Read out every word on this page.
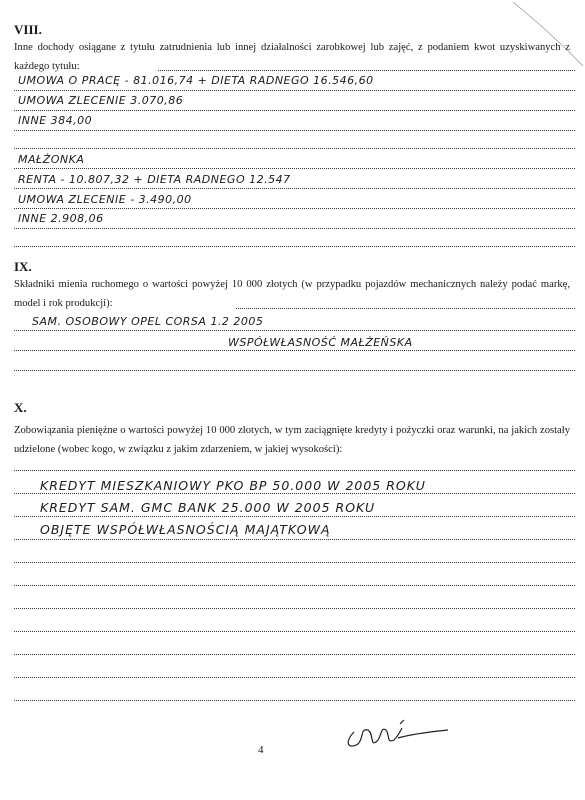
VIII.
Inne dochody osiągane z tytułu zatrudnienia lub innej działalności zarobkowej lub zajęć, z podaniem kwot uzyskiwanych z każdego tytułu:
UMOWA O PRACĘ - 81.016,74 + DIETA RADNEGO 16.546,60
UMOWA ZLECENIE 3.070,86
INNE 384,00
MAŁŻONKA
RENTA - 10.807,32 + DIETA RADNEGO 12.547
UMOWA ZLECENIE - 3.490,00
INNE 2.908,06
IX.
Składniki mienia ruchomego o wartości powyżej 10 000 złotych (w przypadku pojazdów mechanicznych należy podać markę, model i rok produkcji):
SAM. OSOBOWY OPEL CORSA 1.2 2005
WSPÓŁWŁASNOŚĆ MAŁŻEŃSKA
X.
Zobowiązania pieniężne o wartości powyżej 10 000 złotych, w tym zaciągnięte kredyty i pożyczki oraz warunki, na jakich zostały udzielone (wobec kogo, w związku z jakim zdarzeniem, w jakiej wysokości):
KREDYT MIESZKANIOWY PKO BP 50.000 W 2005 ROKU
KREDYT SAM. GMC BANK 25.000 W 2005 ROKU
OBJĘTE WSPÓŁWŁASNOŚCIĄ MAJĄTKOWĄ
4
